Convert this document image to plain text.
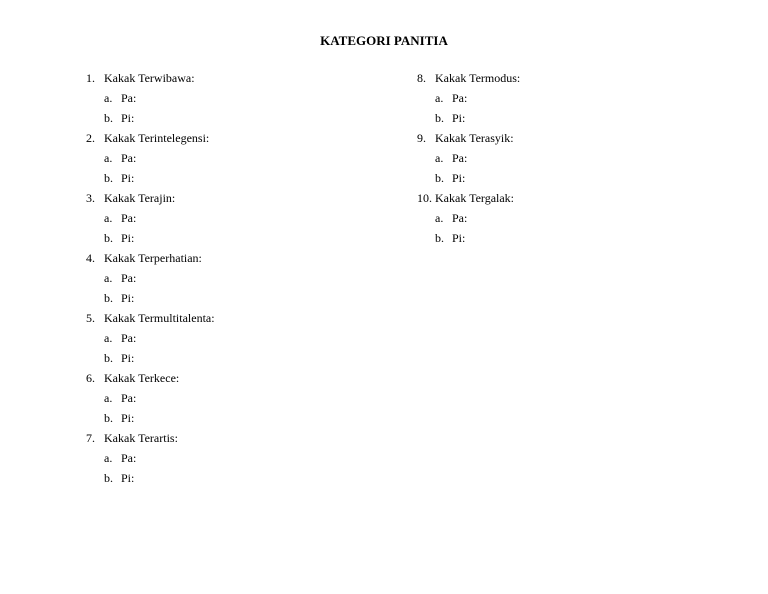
KATEGORI PANITIA
1. Kakak Terwibawa:
a. Pa:
b. Pi:
2. Kakak Terintelegensi:
a. Pa:
b. Pi:
3. Kakak Terajin:
a. Pa:
b. Pi:
4. Kakak Terperhatian:
a. Pa:
b. Pi:
5. Kakak Termultitalenta:
a. Pa:
b. Pi:
6. Kakak Terkece:
a. Pa:
b. Pi:
7. Kakak Terartis:
a. Pa:
b. Pi:
8. Kakak Termodus:
a. Pa:
b. Pi:
9. Kakak Terasyik:
a. Pa:
b. Pi:
10. Kakak Tergalak:
a. Pa:
b. Pi:
